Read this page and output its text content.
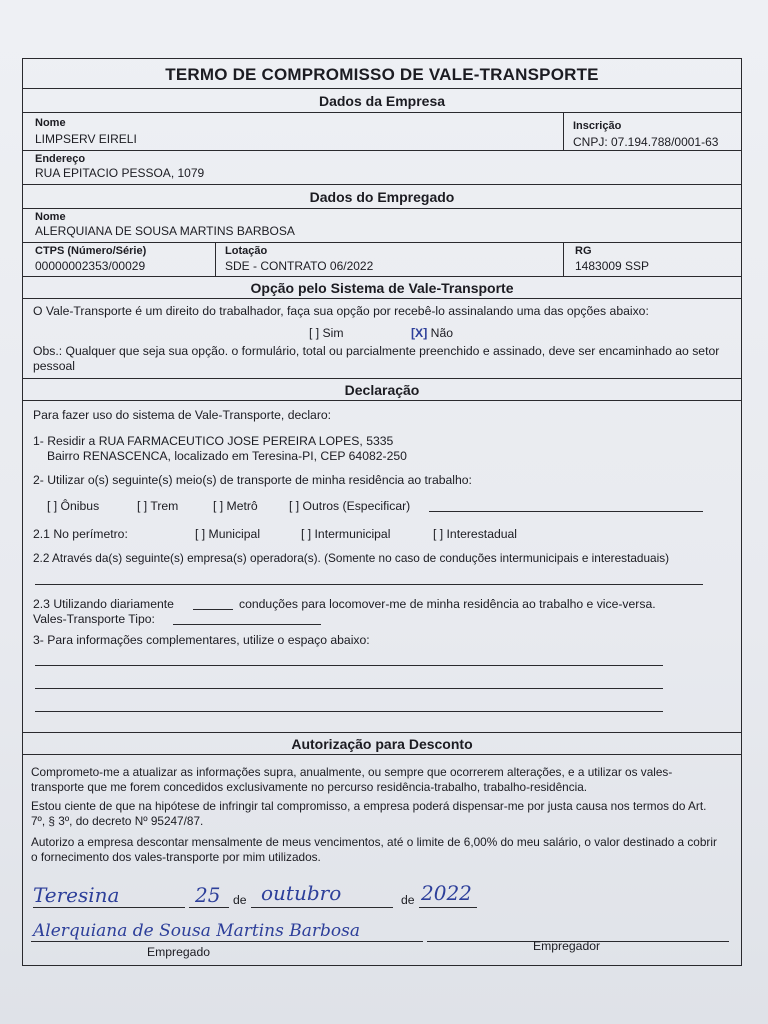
TERMO DE COMPROMISSO DE VALE-TRANSPORTE
Dados da Empresa
Nome
LIMPSERV EIRELI
Inscrição
CNPJ: 07.194.788/0001-63
Endereço
RUA EPITACIO PESSOA, 1079
Dados do Empregado
Nome
ALERQUIANA DE SOUSA MARTINS BARBOSA
CTPS (Número/Série)
00000002353/00029
Lotação
SDE - CONTRATO 06/2022
RG
1483009 SSP
Opção pelo Sistema de Vale-Transporte
O Vale-Transporte é um direito do trabalhador, faça sua opção por recebê-lo assinalando uma das opções abaixo:
[ ] Sim	[X] Não
Obs.: Qualquer que seja sua opção. o formulário, total ou parcialmente preenchido e assinado, deve ser encaminhado ao setor pessoal
Declaração
Para fazer uso do sistema de Vale-Transporte, declaro:
1- Residir a RUA FARMACEUTICO JOSE PEREIRA LOPES, 5335
Bairro RENASCENCA, localizado em Teresina-PI, CEP 64082-250
2- Utilizar o(s) seguinte(s) meio(s) de transporte de minha residência ao trabalho:
[ ] Ônibus	[ ] Trem	[ ] Metrô	[ ] Outros (Especificar)
2.1 No perímetro:	[ ] Municipal	[ ] Intermunicipal	[ ] Interestadual
2.2 Através da(s) seguinte(s) empresa(s) operadora(s). (Somente no caso de conduções intermunicipais e interestaduais)
2.3 Utilizando diariamente	conduções para locomover-me de minha residência ao trabalho e vice-versa.
Vales-Transporte Tipo:
3- Para informações complementares, utilize o espaço abaixo:
Autorização para Desconto
Comprometo-me a atualizar as informações supra, anualmente, ou sempre que ocorrerem alterações, e a utilizar os vales-transporte que me forem concedidos exclusivamente no percurso residência-trabalho, trabalho-residência.
Estou ciente de que na hipótese de infringir tal compromisso, a empresa poderá dispensar-me por justa causa nos termos do Art. 7º, § 3º, do decreto Nº 95247/87.
Autorizo a empresa descontar mensalmente de meus vencimentos, até o limite de 6,00% do meu salário, o valor destinado a cobrir o fornecimento dos vales-transporte por mim utilizados.
Teresina	25 de outubro	de 2022
Alerquiana de Sousa Martins Barbosa
Empregado	Empregador
